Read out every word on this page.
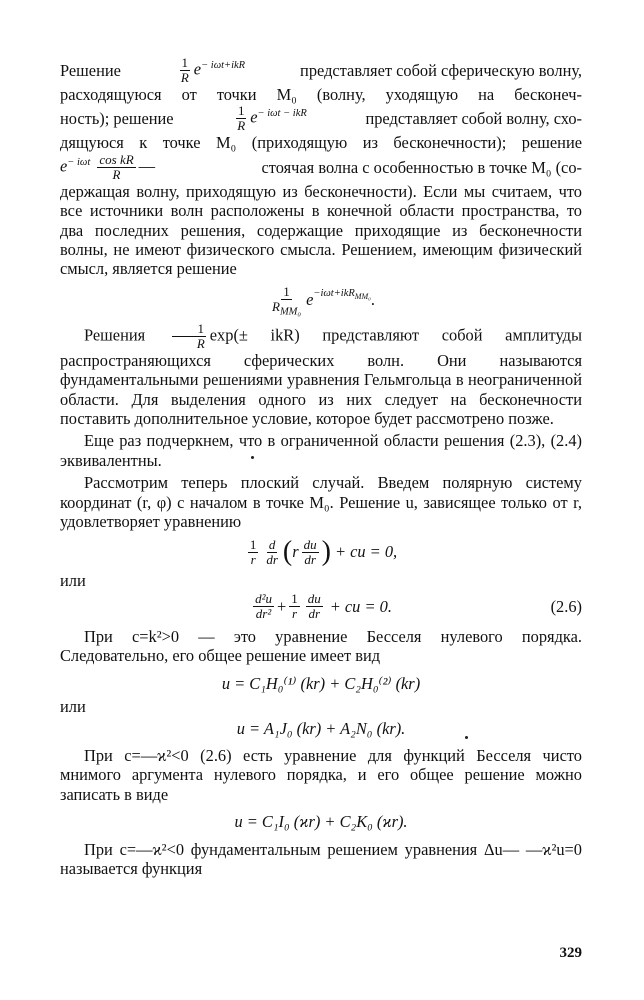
Решение	$\frac{1}{R} e^{- i\omega t+ikR}$	представляет собой сферическую волну,

расходящуюся от точки M₀ (волну, уходящую на бесконеч-

ность); решение	$\frac{1}{R} e^{- i\omega t - ikR}$	представляет собой волну, схо-

дящуюся к точке M₀ (приходящую из бесконечности); решение

$e^{- i\omega t} \frac{\text{cos kR}}{R}$ —	стоячая волна с особенностью в точке M₀ (со-

держащая волну, приходящую из бесконечности). Если мы считаем, что все источники волн расположены в конечной области пространства, то два последних решения, содержащие приходящие из бесконечности волны, не имеют физического смысла. Решением, имеющим физический смысл, является решение

$\frac{1}{R_{MM_0}}$ e $^{-i\omega t+ikR_{MM_0}}$ .

Решения $\frac{1}{R} \exp(\pm ikR)$ представляют собой амплитуды распространяющихся сферических волн. Они называются фундаментальными решениями уравнения Гельмгольца в неограниченной области. Для выделения одного из них следует на бесконечности поставить дополнительное условие, которое будет рассмотрено позже.

Еще раз подчеркнем, что в ограниченной области решения (2.3), (2.4) эквивалентны.

Рассмотрим теперь плоский случай. Введем полярную систему координат (r, φ) с началом в точке M₀. Решение u, зависящее только от r, удовлетворяет уравнению

$\frac{1}{r} \frac{d}{dr}$ ( r $\frac{du}{dr}$ ) + cu = 0,
или
$\frac{\text{d²u}}{\text{dr²}} + \frac{1}{r} \frac{du}{dr}$ + cu = 0.	(2.6)

При c=k²>0 — это уравнение Бесселя нулевого порядка. Следовательно, его общее решение имеет вид

u = C₁H₀⁽¹⁾ (kr) + C₂H₀⁽²⁾ (kr)
или
u = A₁J₀ (kr) + A₂N₀ (kr).

При c=—ϰ²<0 (2.6) есть уравнение для функций Бесселя чисто мнимого аргумента нулевого порядка, и его общее решение можно записать в виде

u = C₁I₀ (ϰr) + C₂K₀ (ϰr).

При c=—ϰ²<0 фундаментальным решением уравнения Δu— —ϰ²u=0 называется функция

329
